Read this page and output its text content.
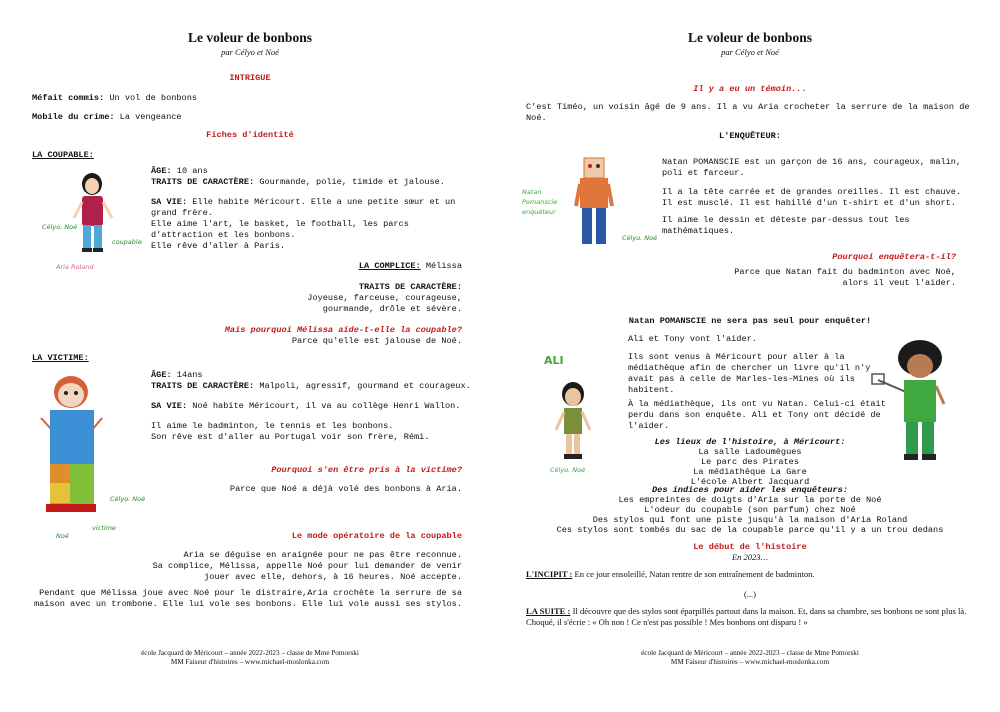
Le voleur de bonbons
par Célyo et Noé
INTRIGUE
Méfait commis: Un vol de bonbons
Mobile du crime: La vengeance
Fiches d'identité
LA COUPABLE:
Célyo. Noé
coupable
Aria Roland
ÂGE: 10 ans
TRAITS DE CARACTÈRE: Gourmande, polie, timide et jalouse.
SA VIE: Elle habite Méricourt. Elle a une petite sœur et un
grand frère.
Elle aime l'art, le basket, le football, les parcs
d'attraction et les bonbons.
Elle rêve d'aller à Paris.
LA COMPLICE: Mélissa
TRAITS DE CARACTÈRE:
Joyeuse, farceuse, courageuse,
gourmande, drôle et sévère.
Mais pourquoi Mélissa aide-t-elle la coupable?
Parce qu'elle est jalouse de Noé.
LA VICTIME:
Célyo. Noé
victime
Noé
ÂGE: 14ans
TRAITS DE CARACTÈRE: Malpoli, agressif, gourmand et courageux.
SA VIE: Noé habite Méricourt, il va au collège Henri Wallon.
Il aime le badminton, le tennis et les bonbons.
Son rêve est d'aller au Portugal voir son frère, Rémi.
Pourquoi s'en être pris à la victime?
Parce que Noé a déjà volé des bonbons à Aria.
Le mode opératoire de la coupable
Aria se déguise en araignée pour ne pas être reconnue.
Sa complice, Mélissa, appelle Noé pour lui demander de venir
jouer avec elle, dehors, à 16 heures. Noé accepte.
Pendant que Mélissa joue avec Noé pour le distraire,Aria crochète la serrure de sa
maison avec un trombone. Elle lui vole ses bonbons. Elle lui vole aussi ses stylos.
école Jacquard de Méricourt – année 2022-2023 – classe de Mme Pomorski
MM Faiseur d'histoires – www.michael-moslonka.com
Le voleur de bonbons
par Célyo et Noé
Il y a eu un témoin...
C'est Timéo, un voisin âgé de 9 ans. Il a vu Aria crocheter la serrure de la maison de
Noé.
L'ENQUÊTEUR:
Natan
Pomanscie
enquêteur
Célyo. Noé
Natan POMANSCIE est un garçon de 16 ans, courageux, malin,
poli et farceur.
Il a la tête carrée et de grandes oreilles. Il est chauve.
Il est musclé. Il est habillé d'un t-shirt et d'un short.
Il aime le dessin et déteste par-dessus tout les
mathématiques.
Pourquoi enquêtera-t-il?
Parce que Natan fait du badminton avec Noé,
alors il veut l'aider.
Natan POMANSCIE ne sera pas seul pour enquêter!
Ali et Tony vont l'aider.
ALI
Célyo. Noé
Ils sont venus à Méricourt pour aller à la
médiathèque afin de chercher un livre qu'il n'y
avait pas à celle de Marles-les-Mines où ils
habitent.
À la médiathèque, ils ont vu Natan. Celui-ci était
perdu dans son enquête. Ali et Tony ont décidé de
l'aider.
Les lieux de l'histoire, à Méricourt:
La salle Ladoumègues
Le parc des Pirates
La médiathèque La Gare
L'école Albert Jacquard
Des indices pour aider les enquêteurs:
Les empreintes de doigts d'Aria sur la porte de Noé
L'odeur du coupable (son parfum) chez Noé
Des stylos qui font une piste jusqu'à la maison d'Aria Roland
Ces stylos sont tombés du sac de la coupable parce qu'il y a un trou dedans
Le début de l'histoire
En 2023…
L'INCIPIT : En ce jour ensoleillé, Natan rentre de son entraînement de badminton.
(...)
LA SUITE : Il découvre que des stylos sont éparpillés partout dans la maison. Et, dans sa chambre, ses bonbons ne sont plus là.
Choqué, il s'écrie : « Oh non ! Ce n'est pas possible ! Mes bonbons ont disparu ! »
école Jacquard de Méricourt – année 2022-2023 – classe de Mme Pomorski
MM Faiseur d'histoires – www.michael-moslonka.com
